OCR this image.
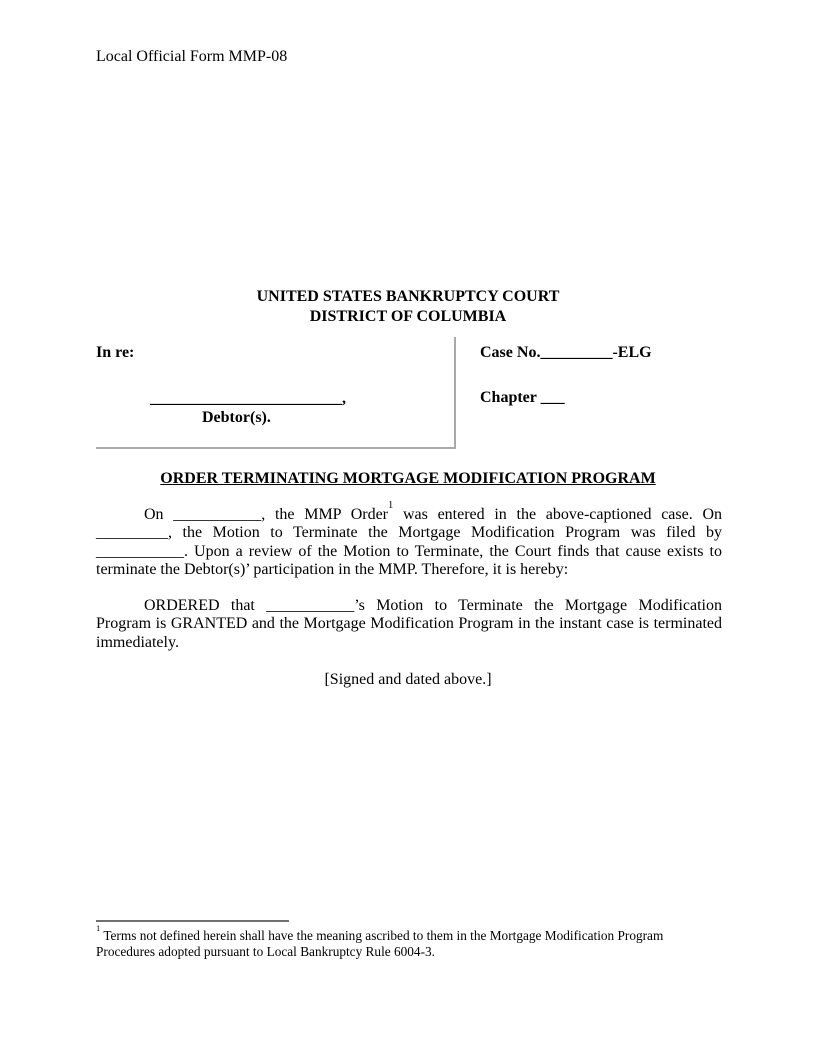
Local Official Form MMP-08
UNITED STATES BANKRUPTCY COURT
DISTRICT OF COLUMBIA
In re:
________________________,
Debtor(s).
Case No._________-ELG
Chapter ___
ORDER TERMINATING MORTGAGE MODIFICATION PROGRAM

On ___________, the MMP Order$^1$ was entered in the above-captioned case. On _________, the Motion to Terminate the Mortgage Modification Program was filed by ___________. Upon a review of the Motion to Terminate, the Court finds that cause exists to terminate the Debtor(s)’ participation in the MMP. Therefore, it is hereby:

ORDERED that ___________’s Motion to Terminate the Mortgage Modification Program is GRANTED and the Mortgage Modification Program in the instant case is terminated immediately.

[Signed and dated above.]
$^1$ Terms not defined herein shall have the meaning ascribed to them in the Mortgage Modification Program Procedures adopted pursuant to Local Bankruptcy Rule 6004-3.
